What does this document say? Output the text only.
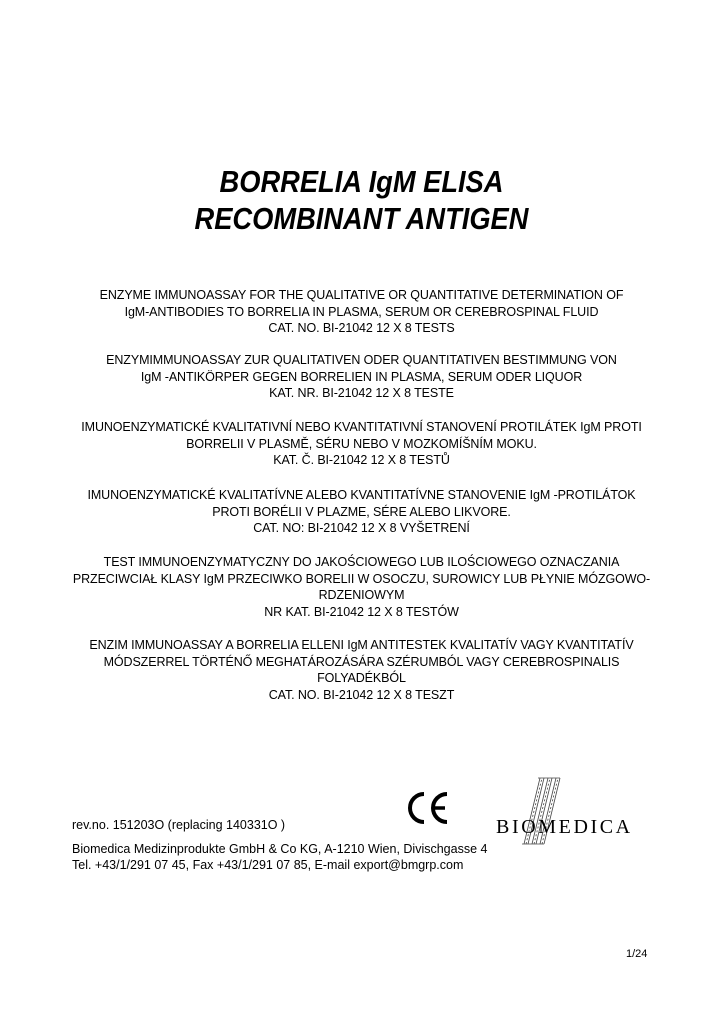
BORRELIA IgM ELISA
RECOMBINANT ANTIGEN
ENZYME IMMUNOASSAY FOR THE QUALITATIVE OR QUANTITATIVE DETERMINATION OF
IgM-ANTIBODIES TO BORRELIA IN PLASMA, SERUM OR CEREBROSPINAL FLUID
CAT. NO. BI-21042 12 X 8 TESTS
ENZYMIMMUNOASSAY ZUR QUALITATIVEN ODER QUANTITATIVEN BESTIMMUNG VON
IgM -ANTIKÖRPER GEGEN BORRELIEN IN PLASMA, SERUM ODER LIQUOR
KAT. NR. BI-21042 12 X 8 TESTE
IMUNOENZYMATICKÉ KVALITATIVNÍ NEBO KVANTITATIVNÍ STANOVENÍ PROTILÁTEK IgM PROTI
BORRELII V PLASMĚ, SÉRU NEBO V MOZKOMÍŠNÍM MOKU.
KAT. Č. BI-21042 12 X 8 TESTŮ
IMUNOENZYMATICKÉ KVALITATÍVNE ALEBO KVANTITATÍVNE STANOVENIE IgM -PROTILÁTOK
PROTI BORÉLII V PLAZME, SÉRE ALEBO LIKVORE.
CAT. NO: BI-21042 12 X 8 VYŠETRENÍ
TEST IMMUNOENZYMATYCZNY DO JAKOŚCIOWEGO LUB ILOŚCIOWEGO OZNACZANIA
PRZECIWCIAŁ KLASY IgM PRZECIWKO BORELII W OSOCZU, SUROWICY LUB PŁYNIE MÓZGOWO-
RDZENIOWYM
NR KAT. BI-21042 12 X 8 TESTÓW
ENZIM IMMUNOASSAY A BORRELIA ELLENI IgM ANTITESTEK KVALITATÍV VAGY KVANTITATÍV
MÓDSZERREL TÖRTÉNŐ MEGHATÁROZÁSÁRA SZÉRUMBÓL VAGY CEREBROSPINALIS
FOLYADÉKBÓL
CAT. NO. BI-21042 12 X 8 TESZT
rev.no. 151203O (replacing 140331O )
Biomedica Medizinprodukte GmbH & Co KG, A-1210 Wien, Divischgasse 4
Tel. +43/1/291 07 45, Fax +43/1/291 07 85, E-mail export@bmgrp.com
BIOMEDICA
1/24
